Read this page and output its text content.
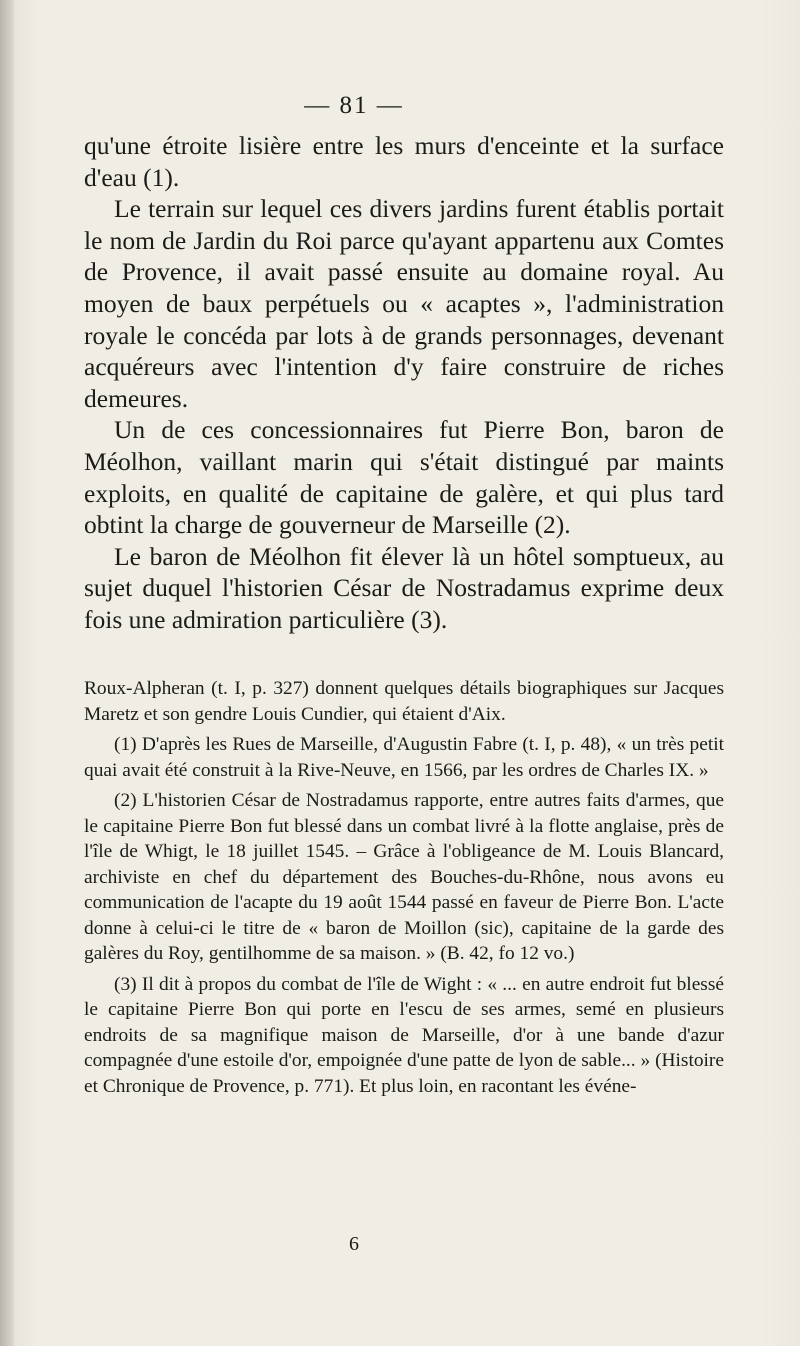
— 81 —

qu'une étroite lisière entre les murs d'enceinte et la surface d'eau (1).

Le terrain sur lequel ces divers jardins furent établis portait le nom de Jardin du Roi parce qu'ayant appartenu aux Comtes de Provence, il avait passé ensuite au domaine royal. Au moyen de baux perpétuels ou « acaptes », l'administration royale le concéda par lots à de grands personnages, devenant acquéreurs avec l'intention d'y faire construire de riches demeures.

Un de ces concessionnaires fut Pierre Bon, baron de Méolhon, vaillant marin qui s'était distingué par maints exploits, en qualité de capitaine de galère, et qui plus tard obtint la charge de gouverneur de Marseille (2).

Le baron de Méolhon fit élever là un hôtel somptueux, au sujet duquel l'historien César de Nostradamus exprime deux fois une admiration particulière (3).

Roux-Alpheran (t. I, p. 327) donnent quelques détails biographiques sur Jacques Maretz et son gendre Louis Cundier, qui étaient d'Aix.

(1) D'après les Rues de Marseille, d'Augustin Fabre (t. I, p. 48), « un très petit quai avait été construit à la Rive-Neuve, en 1566, par les ordres de Charles IX. »

(2) L'historien César de Nostradamus rapporte, entre autres faits d'armes, que le capitaine Pierre Bon fut blessé dans un combat livré à la flotte anglaise, près de l'île de Whigt, le 18 juillet 1545. – Grâce à l'obligeance de M. Louis Blancard, archiviste en chef du département des Bouches-du-Rhône, nous avons eu communication de l'acapte du 19 août 1544 passé en faveur de Pierre Bon. L'acte donne à celui-ci le titre de « baron de Moillon (sic), capitaine de la garde des galères du Roy, gentilhomme de sa maison. » (B. 42, fo 12 vo.)

(3) Il dit à propos du combat de l'île de Wight : « ... en autre endroit fut blessé le capitaine Pierre Bon qui porte en l'escu de ses armes, semé en plusieurs endroits de sa magnifique maison de Marseille, d'or à une bande d'azur compagnée d'une estoile d'or, empoignée d'une patte de lyon de sable... » (Histoire et Chronique de Provence, p. 771). Et plus loin, en racontant les événe-

6
